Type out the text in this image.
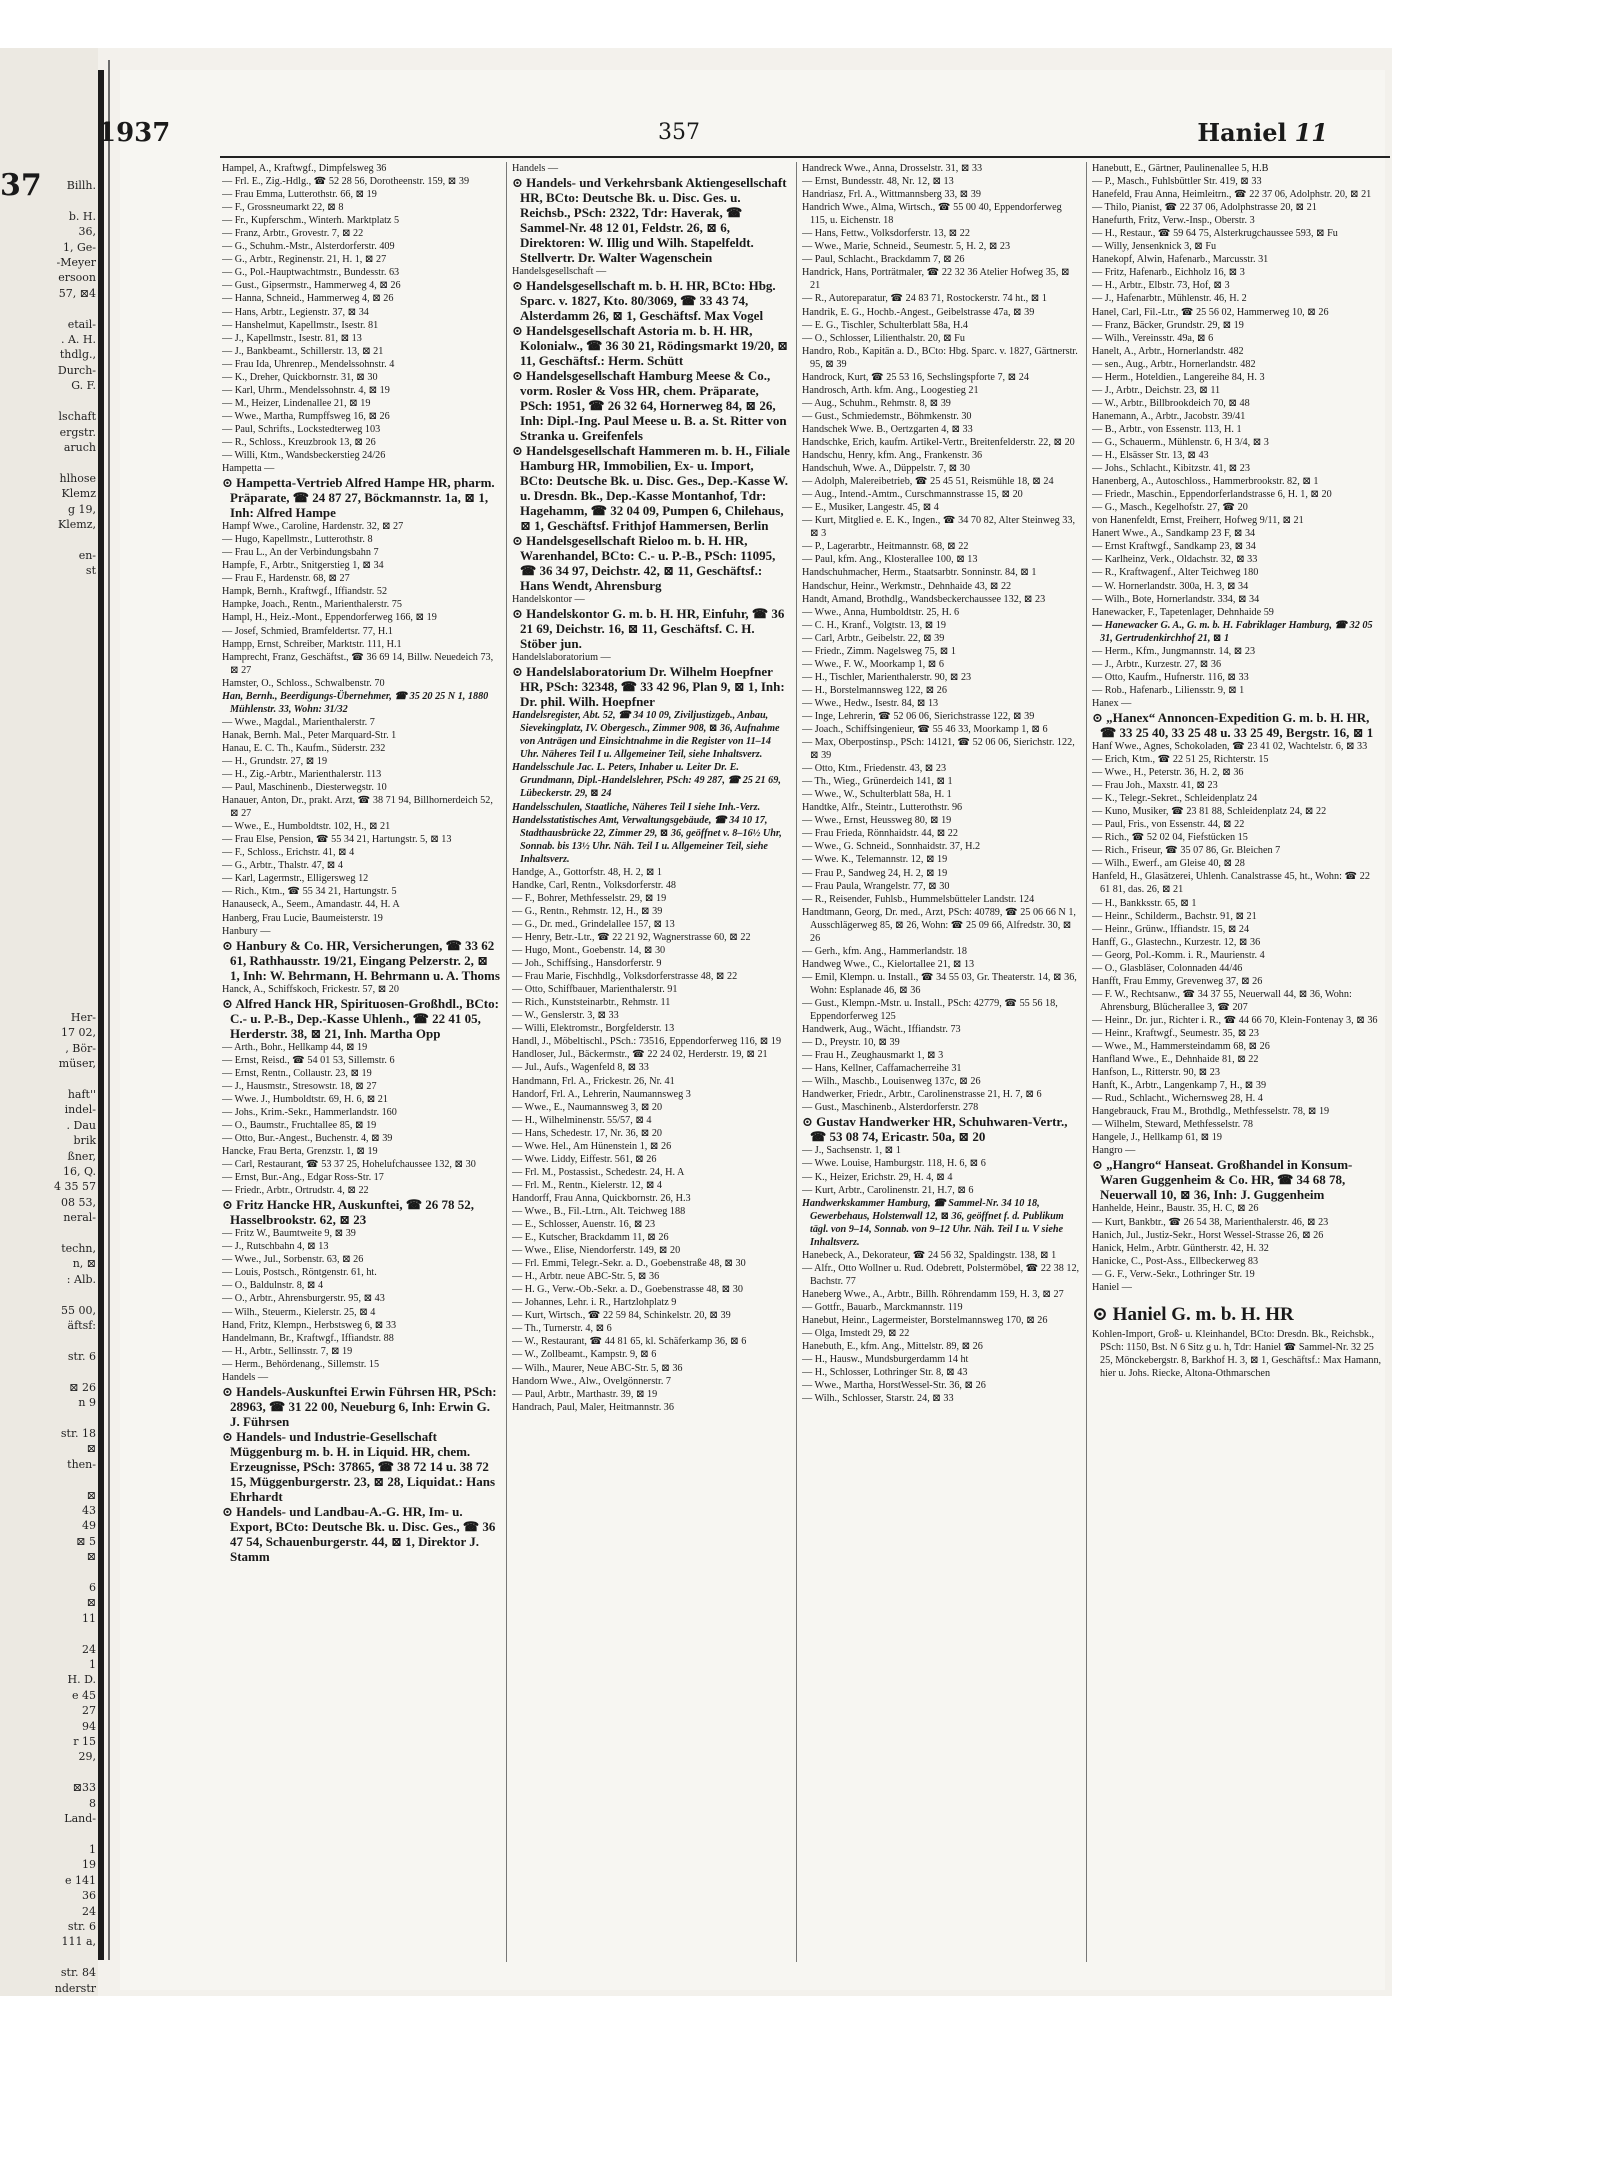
37	Billh.

b. H.
36,
1, Ge-
-Meyer
ersoon
57, ⊠4

etail-
. A. H.
thdlg.,
Durch-
G. F.

lschaft
ergstr.
aruch

hlhose
Klemz
g 19,
Klemz,

en-
st

Her-
17 02,
, Bör-
müser,

haft''
indel-
. Dau
brik
ßner,
16, Q.
4 35 57
08 53,
neral-

techn,
n, ⊠
: Alb.

55 00,
äftsf:

str. 6

⊠ 26
n 9

str. 18
⊠
then-

⊠
43
49
⊠ 5
⊠

6
⊠
11

24
1
H. D.
e 45
27
94
r 15
29,

⊠33
8
Land-

1
19
e 141
36
24
str. 6
111 a,

str. 84
nderstr

1937	357	Haniel 11

Hampel, A., Kraftwgf., Dimpfelsweg 36

— Frl. E., Zig.-Hdlg., ☎ 52 28 56, Dorotheenstr. 159, ⊠ 39

— Frau Emma, Lutterothstr. 66, ⊠ 19

— F., Grossneumarkt 22, ⊠ 8

— Fr., Kupferschm., Winterh. Marktplatz 5

— Franz, Arbtr., Grovestr. 7, ⊠ 22

— G., Schuhm.-Mstr., Alsterdorferstr. 409

— G., Arbtr., Reginenstr. 21, H. 1, ⊠ 27

— G., Pol.-Hauptwachtmstr., Bundesstr. 63

— Gust., Gipsermstr., Hammerweg 4, ⊠ 26

— Hanna, Schneid., Hammerweg 4, ⊠ 26

— Hans, Arbtr., Legienstr. 37, ⊠ 34

— Hanshelmut, Kapellmstr., Isestr. 81

— J., Kapellmstr., Isestr. 81, ⊠ 13

— J., Bankbeamt., Schillerstr. 13, ⊠ 21

— Frau Ida, Uhrenrep., Mendelssohnstr. 4

— K., Dreher, Quickbornstr. 31, ⊠ 30

— Karl, Uhrm., Mendelssohnstr. 4, ⊠ 19

— M., Heizer, Lindenallee 21, ⊠ 19

— Wwe., Martha, Rumpffsweg 16, ⊠ 26

— Paul, Schrifts., Lockstedterweg 103

— R., Schloss., Kreuzbrook 13, ⊠ 26

— Willi, Ktm., Wandsbeckerstieg 24/26

Hampetta —

⊙ Hampetta-Vertrieb Alfred Hampe HR, pharm. Präparate, ☎ 24 87 27, Böckmannstr. 1a, ⊠ 1, Inh: Alfred Hampe

Hampf Wwe., Caroline, Hardenstr. 32, ⊠ 27

— Hugo, Kapellmstr., Lutterothstr. 8

— Frau L., An der Verbindungsbahn 7

Hampfe, F., Arbtr., Snitgerstieg 1, ⊠ 34

— Frau F., Hardenstr. 68, ⊠ 27

Hampk, Bernh., Kraftwgf., Iffiandstr. 52

Hampke, Joach., Rentn., Marienthalerstr. 75

Hampl, H., Heiz.-Mont., Eppendorferweg 166, ⊠ 19

— Josef, Schmied, Bramfeldertsr. 77, H.1

Hampp, Ernst, Schreiber, Marktstr. 111, H.1

Hamprecht, Franz, Geschäftst., ☎ 36 69 14, Billw. Neuedeich 73, ⊠ 27

Hamster, O., Schloss., Schwalbenstr. 70

Han, Bernh., Beerdigungs-Übernehmer, ☎ 35 20 25 N 1, 1880 Mühlenstr. 33, Wohn: 31/32

— Wwe., Magdal., Marienthalerstr. 7

Hanak, Bernh. Mal., Peter Marquard-Str. 1

Hanau, E. C. Th., Kaufm., Süderstr. 232

— H., Grundstr. 27, ⊠ 19

— H., Zig.-Arbtr., Marienthalerstr. 113

— Paul, Maschinenb., Diesterwegstr. 10

Hanauer, Anton, Dr., prakt. Arzt, ☎ 38 71 94, Billhornerdeich 52, ⊠ 27

— Wwe., E., Humboldtstr. 102, H., ⊠ 21

— Frau Else, Pension, ☎ 55 34 21, Hartungstr. 5, ⊠ 13

— F., Schloss., Erichstr. 41, ⊠ 4

— G., Arbtr., Thalstr. 47, ⊠ 4

— Karl, Lagermstr., Elligersweg 12

— Rich., Ktm., ☎ 55 34 21, Hartungstr. 5

Hanauseck, A., Seem., Amandastr. 44, H. A

Hanberg, Frau Lucie, Baumeisterstr. 19

Hanbury —

⊙ Hanbury & Co. HR, Versicherungen, ☎ 33 62 61, Rathhausstr. 19/21, Eingang Pelzerstr. 2, ⊠ 1, Inh: W. Behrmann, H. Behrmann u. A. Thoms

Hanck, A., Schiffskoch, Frickestr. 57, ⊠ 20

⊙ Alfred Hanck HR, Spirituosen-Großhdl., BCto: C.- u. P.-B., Dep.-Kasse Uhlenh., ☎ 22 41 05, Herderstr. 38, ⊠ 21, Inh. Martha Opp

— Arth., Bohr., Hellkamp 44, ⊠ 19

— Ernst, Reisd., ☎ 54 01 53, Sillemstr. 6

— Ernst, Rentn., Collaustr. 23, ⊠ 19

— J., Hausmstr., Stresowstr. 18, ⊠ 27

— Wwe. J., Humboldtstr. 69, H. 6, ⊠ 21

— Johs., Krim.-Sekr., Hammerlandstr. 160

— O., Baumstr., Fruchtallee 85, ⊠ 19

— Otto, Bur.-Angest., Buchenstr. 4, ⊠ 39

Hancke, Frau Berta, Grenzstr. 1, ⊠ 19

— Carl, Restaurant, ☎ 53 37 25, Hohelufchaussee 132, ⊠ 30

— Ernst, Bur.-Ang., Edgar Ross-Str. 17

— Friedr., Arbtr., Ortrudstr. 4, ⊠ 22

⊙ Fritz Hancke HR, Auskunftei, ☎ 26 78 52, Hasselbrookstr. 62, ⊠ 23

— Fritz W., Baumtweite 9, ⊠ 39

— J., Rutschbahn 4, ⊠ 13

— Wwe., Jul., Sorbenstr. 63, ⊠ 26

— Louis, Postsch., Röntgenstr. 61, ht.

— O., Baldulnstr. 8, ⊠ 4

— O., Arbtr., Ahrensburgerstr. 95, ⊠ 43

— Wilh., Steuerm., Kielerstr. 25, ⊠ 4

Hand, Fritz, Klempn., Herbstsweg 6, ⊠ 33

Handelmann, Br., Kraftwgf., Iffiandstr. 88

— H., Arbtr., Sellinsstr. 7, ⊠ 19

— Herm., Behördenang., Sillemstr. 15

Handels —

⊙ Handels-Auskunftei Erwin Führsen HR, PSch: 28963, ☎ 31 22 00, Neueburg 6, Inh: Erwin G. J. Führsen

⊙ Handels- und Industrie-Gesellschaft Müggenburg m. b. H. in Liquid. HR, chem. Erzeugnisse, PSch: 37865, ☎ 38 72 14 u. 38 72 15, Müggenburgerstr. 23, ⊠ 28, Liquidat.: Hans Ehrhardt

⊙ Handels- und Landbau-A.-G. HR, Im- u. Export, BCto: Deutsche Bk. u. Disc. Ges., ☎ 36 47 54, Schauenburgerstr. 44, ⊠ 1, Direktor J. Stamm

Handels —

⊙ Handels- und Verkehrsbank Aktiengesellschaft HR, BCto: Deutsche Bk. u. Disc. Ges. u. Reichsb., PSch: 2322, Tdr: Haverak, ☎ Sammel-Nr. 48 12 01, Feldstr. 26, ⊠ 6, Direktoren: W. Illig und Wilh. Stapelfeldt. Stellvertr. Dr. Walter Wagenschein

Handelsgesellschaft —

⊙ Handelsgesellschaft m. b. H. HR, BCto: Hbg. Sparc. v. 1827, Kto. 80/3069, ☎ 33 43 74, Alsterdamm 26, ⊠ 1, Geschäftsf. Max Vogel

⊙ Handelsgesellschaft Astoria m. b. H. HR, Kolonialw., ☎ 36 30 21, Rödingsmarkt 19/20, ⊠ 11, Geschäftsf.: Herm. Schütt

⊙ Handelsgesellschaft Hamburg Meese & Co., vorm. Rosler & Voss HR, chem. Präparate, PSch: 1951, ☎ 26 32 64, Hornerweg 84, ⊠ 26, Inh: Dipl.-Ing. Paul Meese u. B. a. St. Ritter von Stranka u. Greifenfels

⊙ Handelsgesellschaft Hammeren m. b. H., Filiale Hamburg HR, Immobilien, Ex- u. Import, BCto: Deutsche Bk. u. Disc. Ges., Dep.-Kasse W. u. Dresdn. Bk., Dep.-Kasse Montanhof, Tdr: Hagehamm, ☎ 32 04 09, Pumpen 6, Chilehaus, ⊠ 1, Geschäftsf. Frithjof Hammersen, Berlin

⊙ Handelsgesellschaft Rieloo m. b. H. HR, Warenhandel, BCto: C.- u. P.-B., PSch: 11095, ☎ 36 34 97, Deichstr. 42, ⊠ 11, Geschäftsf.: Hans Wendt, Ahrensburg

Handelskontor —

⊙ Handelskontor G. m. b. H. HR, Einfuhr, ☎ 36 21 69, Deichstr. 16, ⊠ 11, Geschäftsf. C. H. Stöber jun.

Handelslaboratorium —

⊙ Handelslaboratorium Dr. Wilhelm Hoepfner HR, PSch: 32348, ☎ 33 42 96, Plan 9, ⊠ 1, Inh: Dr. phil. Wilh. Hoepfner

Handelsregister, Abt. 52, ☎ 34 10 09, Ziviljustizgeb., Anbau, Sievekingplatz, IV. Obergesch., Zimmer 908, ⊠ 36, Aufnahme von Anträgen und Einsichtnahme in die Register von 11–14 Uhr. Näheres Teil I u. Allgemeiner Teil, siehe Inhaltsverz.

Handelsschule Jac. L. Peters, Inhaber u. Leiter Dr. E. Grundmann, Dipl.-Handelslehrer, PSch: 49 287, ☎ 25 21 69, Lübeckerstr. 29, ⊠ 24

Handelsschulen, Staatliche, Näheres Teil I siehe Inh.-Verz.

Handelsstatistisches Amt, Verwaltungsgebäude, ☎ 34 10 17, Stadthausbrücke 22, Zimmer 29, ⊠ 36, geöffnet v. 8–16½ Uhr, Sonnab. bis 13½ Uhr. Näh. Teil I u. Allgemeiner Teil, siehe Inhaltsverz.

Handge, A., Gottorfstr. 48, H. 2, ⊠ 1

Handke, Carl, Rentn., Volksdorferstr. 48

— F., Bohrer, Methfesselstr. 29, ⊠ 19

— G., Rentn., Rehmstr. 12, H., ⊠ 39

— G., Dr. med., Grindelallee 157, ⊠ 13

— Henry, Betr.-Ltr., ☎ 22 21 92, Wagnerstrasse 60, ⊠ 22

— Hugo, Mont., Goebenstr. 14, ⊠ 30

— Joh., Schiffsing., Hansdorferstr. 9

— Frau Marie, Fischhdlg., Volksdorferstrasse 48, ⊠ 22

— Otto, Schiffbauer, Marienthalerstr. 91

— Rich., Kunststeinarbtr., Rehmstr. 11

— W., Genslerstr. 3, ⊠ 33

— Willi, Elektromstr., Borgfelderstr. 13

Handl, J., Möbeltischl., PSch.: 73516, Eppendorferweg 116, ⊠ 19

Handloser, Jul., Bäckermstr., ☎ 22 24 02, Herderstr. 19, ⊠ 21

— Jul., Aufs., Wagenfeld 8, ⊠ 33

Handmann, Frl. A., Frickestr. 26, Nr. 41

Handorf, Frl. A., Lehrerin, Naumannsweg 3

— Wwe., E., Naumannsweg 3, ⊠ 20

— H., Wilhelminenstr. 55/57, ⊠ 4

— Hans, Schedestr. 17, Nr. 36, ⊠ 20

— Wwe. Hel., Am Hünenstein 1, ⊠ 26

— Wwe. Liddy, Eiffestr. 561, ⊠ 26

— Frl. M., Postassist., Schedestr. 24, H. A

— Frl. M., Rentn., Kielerstr. 12, ⊠ 4

Handorff, Frau Anna, Quickbornstr. 26, H.3

— Wwe., B., Fil.-Ltrn., Alt. Teichweg 188

— E., Schlosser, Auenstr. 16, ⊠ 23

— E., Kutscher, Brackdamm 11, ⊠ 26

— Wwe., Elise, Niendorferstr. 149, ⊠ 20

— Frl. Emmi, Telegr.-Sekr. a. D., Goebenstraße 48, ⊠ 30

— H., Arbtr. neue ABC-Str. 5, ⊠ 36

— H. G., Verw.-Ob.-Sekr. a. D., Goebenstrasse 48, ⊠ 30

— Johannes, Lehr. i. R., Hartzlohplatz 9

— Kurt, Wirtsch., ☎ 22 59 84, Schinkelstr. 20, ⊠ 39

— Th., Turnerstr. 4, ⊠ 6

— W., Restaurant, ☎ 44 81 65, kl. Schäferkamp 36, ⊠ 6

— W., Zollbeamt., Kampstr. 9, ⊠ 6

— Wilh., Maurer, Neue ABC-Str. 5, ⊠ 36

Handorn Wwe., Alw., Ovelgönnerstr. 7

— Paul, Arbtr., Marthastr. 39, ⊠ 19

Handrach, Paul, Maler, Heitmannstr. 36

Handreck Wwe., Anna, Drosselstr. 31, ⊠ 33

— Ernst, Bundesstr. 48, Nr. 12, ⊠ 13

Handriasz, Frl. A., Wittmannsberg 33, ⊠ 39

Handrich Wwe., Alma, Wirtsch., ☎ 55 00 40, Eppendorferweg 115, u. Eichenstr. 18

— Hans, Fettw., Volksdorferstr. 13, ⊠ 22

— Wwe., Marie, Schneid., Seumestr. 5, H. 2, ⊠ 23

— Paul, Schlacht., Brackdamm 7, ⊠ 26

Handrick, Hans, Porträtmaler, ☎ 22 32 36 Atelier Hofweg 35, ⊠ 21

— R., Autoreparatur, ☎ 24 83 71, Rostockerstr. 74 ht., ⊠ 1

Handrik, E. G., Hochb.-Angest., Geibelstrasse 47a, ⊠ 39

— E. G., Tischler, Schulterblatt 58a, H.4

— O., Schlosser, Lilienthalstr. 20, ⊠ Fu

Handro, Rob., Kapitän a. D., BCto: Hbg. Sparc. v. 1827, Gärtnerstr. 95, ⊠ 39

Handrock, Kurt, ☎ 25 53 16, Sechslingspforte 7, ⊠ 24

Handrosch, Arth. kfm. Ang., Loogestieg 21

— Aug., Schuhm., Rehmstr. 8, ⊠ 39

— Gust., Schmiedemstr., Böhmkenstr. 30

Handschek Wwe. B., Oertzgarten 4, ⊠ 33

Handschke, Erich, kaufm. Artikel-Vertr., Breitenfelderstr. 22, ⊠ 20

Handschu, Henry, kfm. Ang., Frankenstr. 36

Handschuh, Wwe. A., Düppelstr. 7, ⊠ 30

— Adolph, Malereibetrieb, ☎ 25 45 51, Reismühle 18, ⊠ 24

— Aug., Intend.-Amtm., Curschmannstrasse 15, ⊠ 20

— E., Musiker, Langestr. 45, ⊠ 4

— Kurt, Mitglied e. E. K., Ingen., ☎ 34 70 82, Alter Steinweg 33, ⊠ 3

— P., Lagerarbtr., Heitmannstr. 68, ⊠ 22

— Paul, kfm. Ang., Klosterallee 100, ⊠ 13

Handschuhmacher, Herm., Staatsarbtr. Sonninstr. 84, ⊠ 1

Handschur, Heinr., Werkmstr., Dehnhaide 43, ⊠ 22

Handt, Amand, Brothdlg., Wandsbeckerchaussee 132, ⊠ 23

— Wwe., Anna, Humboldtstr. 25, H. 6

— C. H., Kranf., Volgtstr. 13, ⊠ 19

— Carl, Arbtr., Geibelstr. 22, ⊠ 39

— Friedr., Zimm. Nagelsweg 75, ⊠ 1

— Wwe., F. W., Moorkamp 1, ⊠ 6

— H., Tischler, Marienthalerstr. 90, ⊠ 23

— H., Borstelmannsweg 122, ⊠ 26

— Wwe., Hedw., Isestr. 84, ⊠ 13

— Inge, Lehrerin, ☎ 52 06 06, Sierichstrasse 122, ⊠ 39

— Joach., Schiffsingenieur, ☎ 55 46 33, Moorkamp 1, ⊠ 6

— Max, Oberpostinsp., PSch: 14121, ☎ 52 06 06, Sierichstr. 122, ⊠ 39

— Otto, Ktm., Friedenstr. 43, ⊠ 23

— Th., Wieg., Grünerdeich 141, ⊠ 1

— Wwe., W., Schulterblatt 58a, H. 1

Handtke, Alfr., Steintr., Lutterothstr. 96

— Wwe., Ernst, Heussweg 80, ⊠ 19

— Frau Frieda, Rönnhaidstr. 44, ⊠ 22

— Wwe., G. Schneid., Sonnhaidstr. 37, H.2

— Wwe. K., Telemannstr. 12, ⊠ 19

— Frau P., Sandweg 24, H. 2, ⊠ 19

— Frau Paula, Wrangelstr. 77, ⊠ 30

— R., Reisender, Fuhlsb., Hummelsbütteler Landstr. 124

Handtmann, Georg, Dr. med., Arzt, PSch: 40789, ☎ 25 06 66 N 1, Ausschlägerweg 85, ⊠ 26, Wohn: ☎ 25 09 66, Alfredstr. 30, ⊠ 26

— Gerh., kfm. Ang., Hammerlandstr. 18

Handweg Wwe., C., Kielortallee 21, ⊠ 13

— Emil, Klempn. u. Install., ☎ 34 55 03, Gr. Theaterstr. 14, ⊠ 36, Wohn: Esplanade 46, ⊠ 36

— Gust., Klempn.-Mstr. u. Install., PSch: 42779, ☎ 55 56 18, Eppendorferweg 125

Handwerk, Aug., Wächt., Iffiandstr. 73

— D., Preystr. 10, ⊠ 39

— Frau H., Zeughausmarkt 1, ⊠ 3

— Hans, Kellner, Caffamacherreihe 31

— Wilh., Maschb., Louisenweg 137c, ⊠ 26

Handwerker, Friedr., Arbtr., Carolinenstrasse 21, H. 7, ⊠ 6

— Gust., Maschinenb., Alsterdorferstr. 278

⊙ Gustav Handwerker HR, Schuhwaren-Vertr., ☎ 53 08 74, Ericastr. 50a, ⊠ 20

— J., Sachsenstr. 1, ⊠ 1

— Wwe. Louise, Hamburgstr. 118, H. 6, ⊠ 6

— K., Heizer, Erichstr. 29, H. 4, ⊠ 4

— Kurt, Arbtr., Carolinenstr. 21, H.7, ⊠ 6

Handwerkskammer Hamburg, ☎ Sammel-Nr. 34 10 18, Gewerbehaus, Holstenwall 12, ⊠ 36, geöffnet f. d. Publikum tägl. von 9–14, Sonnab. von 9–12 Uhr. Näh. Teil I u. V siehe Inhaltsverz.

Hanebeck, A., Dekorateur, ☎ 24 56 32, Spaldingstr. 138, ⊠ 1

— Alfr., Otto Wollner u. Rud. Odebrett, Polstermöbel, ☎ 22 38 12, Bachstr. 77

Haneberg Wwe., A., Arbtr., Billh. Röhrendamm 159, H. 3, ⊠ 27

— Gottfr., Bauarb., Marckmannstr. 119

Hanebut, Heinr., Lagermeister, Borstelmannsweg 170, ⊠ 26

— Olga, Imstedt 29, ⊠ 22

Hanebuth, E., kfm. Ang., Mittelstr. 89, ⊠ 26

— H., Hausw., Mundsburgerdamm 14 ht

— H., Schlosser, Lothringer Str. 8, ⊠ 43

— Wwe., Martha, HorstWessel-Str. 36, ⊠ 26

— Wilh., Schlosser, Starstr. 24, ⊠ 33

Hanebutt, E., Gärtner, Paulinenallee 5, H.B

— P., Masch., Fuhlsbüttler Str. 419, ⊠ 33

Hanefeld, Frau Anna, Heimleitrn., ☎ 22 37 06, Adolphstr. 20, ⊠ 21

— Thilo, Pianist, ☎ 22 37 06, Adolphstrasse 20, ⊠ 21

Hanefurth, Fritz, Verw.-Insp., Oberstr. 3

— H., Restaur., ☎ 59 64 75, Alsterkrugchaussee 593, ⊠ Fu

— Willy, Jensenknick 3, ⊠ Fu

Hanekopf, Alwin, Hafenarb., Marcusstr. 31

— Fritz, Hafenarb., Eichholz 16, ⊠ 3

— H., Arbtr., Elbstr. 73, Hof, ⊠ 3

— J., Hafenarbtr., Mühlenstr. 46, H. 2

Hanel, Carl, Fil.-Ltr., ☎ 25 56 02, Hammerweg 10, ⊠ 26

— Franz, Bäcker, Grundstr. 29, ⊠ 19

— Wilh., Vereinsstr. 49a, ⊠ 6

Hanelt, A., Arbtr., Hornerlandstr. 482

— sen., Aug., Arbtr., Hornerlandstr. 482

— Herm., Hoteldien., Langereihe 84, H. 3

— J., Arbtr., Deichstr. 23, ⊠ 11

— W., Arbtr., Billbrookdeich 70, ⊠ 48

Hanemann, A., Arbtr., Jacobstr. 39/41

— B., Arbtr., von Essenstr. 113, H. 1

— G., Schauerm., Mühlenstr. 6, H 3/4, ⊠ 3

— H., Elsässer Str. 13, ⊠ 43

— Johs., Schlacht., Kibitzstr. 41, ⊠ 23

Hanenberg, A., Autoschloss., Hammerbrookstr. 82, ⊠ 1

— Friedr., Maschin., Eppendorferlandstrasse 6, H. 1, ⊠ 20

— G., Masch., Kegelhofstr. 27, ☎ 20

von Hanenfeldt, Ernst, Freiherr, Hofweg 9/11, ⊠ 21

Hanert Wwe., A., Sandkamp 23 F, ⊠ 34

— Ernst Kraftwgf., Sandkamp 23, ⊠ 34

— Karlheinz, Verk., Oldachstr. 32, ⊠ 33

— R., Kraftwagenf., Alter Teichweg 180

— W. Hornerlandstr. 300a, H. 3, ⊠ 34

— Wilh., Bote, Hornerlandstr. 334, ⊠ 34

Hanewacker, F., Tapetenlager, Dehnhaide 59

— Hanewacker G. A., G. m. b. H. Fabriklager Hamburg, ☎ 32 05 31, Gertrudenkirchhof 21, ⊠ 1

— Herm., Kfm., Jungmannstr. 14, ⊠ 23

— J., Arbtr., Kurzestr. 27, ⊠ 36

— Otto, Kaufm., Hufnerstr. 116, ⊠ 33

— Rob., Hafenarb., Liliensstr. 9, ⊠ 1

Hanex —

⊙ „Hanex“ Annoncen-Expedition G. m. b. H. HR, ☎ 33 25 40, 33 25 48 u. 33 25 49, Bergstr. 16, ⊠ 1

Hanf Wwe., Agnes, Schokoladen, ☎ 23 41 02, Wachtelstr. 6, ⊠ 33

— Erich, Ktm., ☎ 22 51 25, Richterstr. 15

— Wwe., H., Peterstr. 36, H. 2, ⊠ 36

— Frau Joh., Maxstr. 41, ⊠ 23

— K., Telegr.-Sekret., Schleidenplatz 24

— Kuno, Musiker, ☎ 23 81 88, Schleidenplatz 24, ⊠ 22

— Paul, Fris., von Essenstr. 44, ⊠ 22

— Rich., ☎ 52 02 04, Fiefstücken 15

— Rich., Friseur, ☎ 35 07 86, Gr. Bleichen 7

— Wilh., Ewerf., am Gleise 40, ⊠ 28

Hanfeld, H., Glasätzerei, Uhlenh. Canalstrasse 45, ht., Wohn: ☎ 22 61 81, das. 26, ⊠ 21

— H., Bankksstr. 65, ⊠ 1

— Heinr., Schilderm., Bachstr. 91, ⊠ 21

— Heinr., Grünw., Iffiandstr. 15, ⊠ 24

Hanff, G., Glastechn., Kurzestr. 12, ⊠ 36

— Georg, Pol.-Komm. i. R., Maurienstr. 4

— O., Glasbläser, Colonnaden 44/46

Hanfft, Frau Emmy, Grevenweg 37, ⊠ 26

— F. W., Rechtsanw., ☎ 34 37 55, Neuerwall 44, ⊠ 36, Wohn: Ahrensburg, Blücherallee 3, ☎ 207

— Heinr., Dr. jur., Richter i. R., ☎ 44 66 70, Klein-Fontenay 3, ⊠ 36

— Heinr., Kraftwgf., Seumestr. 35, ⊠ 23

— Wwe., M., Hammersteindamm 68, ⊠ 26

Hanfland Wwe., E., Dehnhaide 81, ⊠ 22

Hanfson, L., Ritterstr. 90, ⊠ 23

Hanft, K., Arbtr., Langenkamp 7, H., ⊠ 39

— Rud., Schlacht., Wichernsweg 28, H. 4

Hangebrauck, Frau M., Brothdlg., Methfesselstr. 78, ⊠ 19

— Wilhelm, Steward, Methfesselstr. 78

Hangele, J., Hellkamp 61, ⊠ 19

Hangro —

⊙ „Hangro“ Hanseat. Großhandel in Konsum-Waren Guggenheim & Co. HR, ☎ 34 68 78, Neuerwall 10, ⊠ 36, Inh: J. Guggenheim

Hanhelde, Heinr., Baustr. 35, H. C, ⊠ 26

— Kurt, Bankbtr., ☎ 26 54 38, Marienthalerstr. 46, ⊠ 23

Hanich, Jul., Justiz-Sekr., Horst Wessel-Strasse 26, ⊠ 26

Hanick, Helm., Arbtr. Güntherstr. 42, H. 32

Hanicke, C., Post-Ass., Ellbeckerweg 83

— G. F., Verw.-Sekr., Lothringer Str. 19

Haniel —

⊙ Haniel G. m. b. H. HR

Kohlen-Import, Groß- u. Kleinhandel, BCto: Dresdn. Bk., Reichsbk., PSch: 1150, Bst. N 6 Sitz g u. h, Tdr: Haniel ☎ Sammel-Nr. 32 25 25, Mönckebergstr. 8, Barkhof H. 3, ⊠ 1, Geschäftsf.: Max Hamann, hier u. Johs. Riecke, Altona-Othmarschen
